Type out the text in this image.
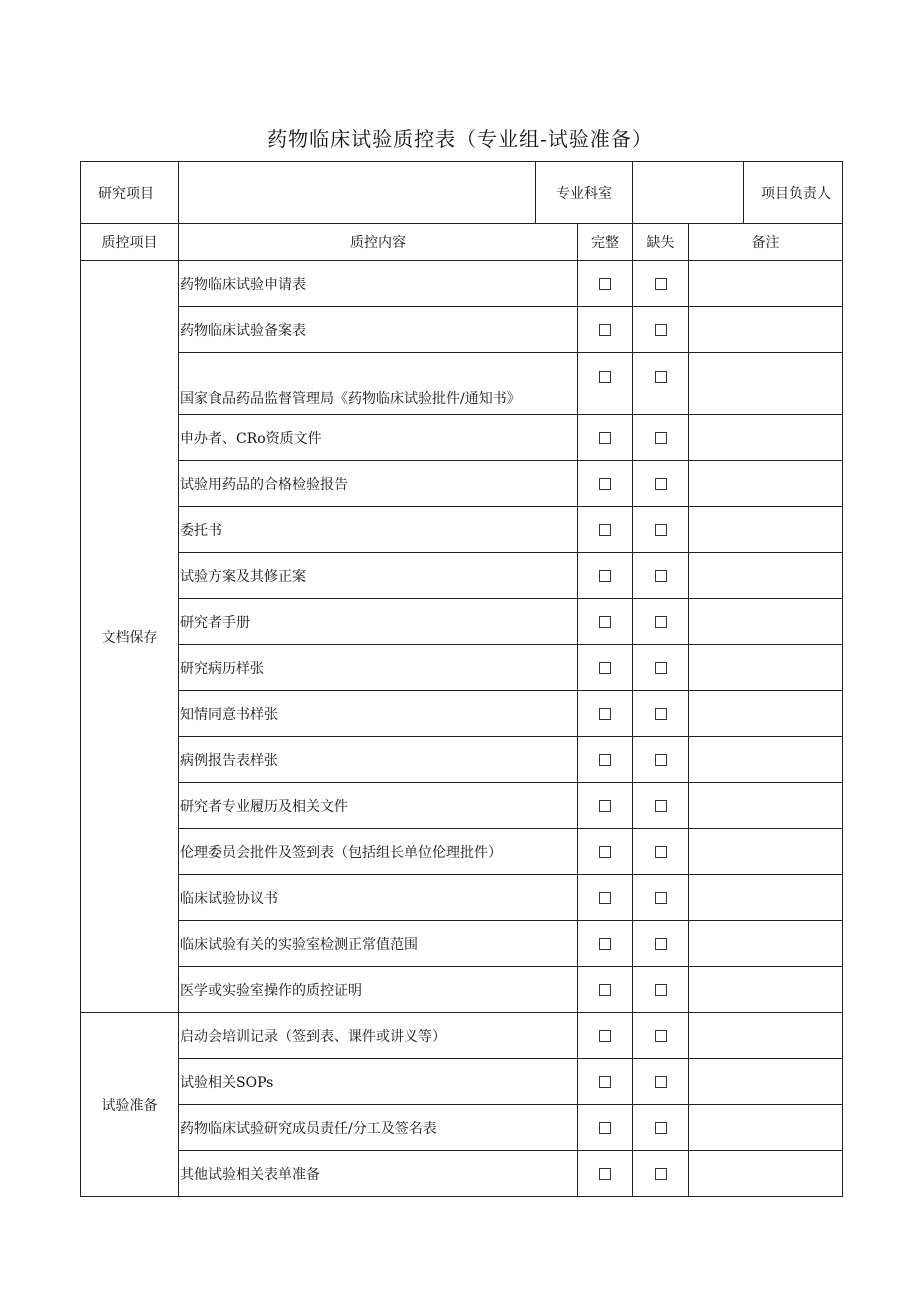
药物临床试验质控表（专业组-试验准备）
研究项目		专业科室				项目负责人
质控项目	质控内容		完整	缺失	备注	
文档保存	药物临床试验申请表					
	药物临床试验备案表					
	国家食品药品监督管理局《药物临床试验批件/通知书》					
	申办者、CRo资质文件					
	试验用药品的合格检验报告					
	委托书					
	试验方案及其修正案					
	研究者手册					
	研究病历样张					
	知情同意书样张					
	病例报告表样张					
	研究者专业履历及相关文件					
	伦理委员会批件及签到表（包括组长单位伦理批件）					
	临床试验协议书					
	临床试验有关的实验室检测正常值范围					
	医学或实验室操作的质控证明					
试验准备	启动会培训记录（签到表、课件或讲义等）					
	试验相关SOPs					
	药物临床试验研究成员责任/分工及签名表					
	其他试验相关表单准备					
